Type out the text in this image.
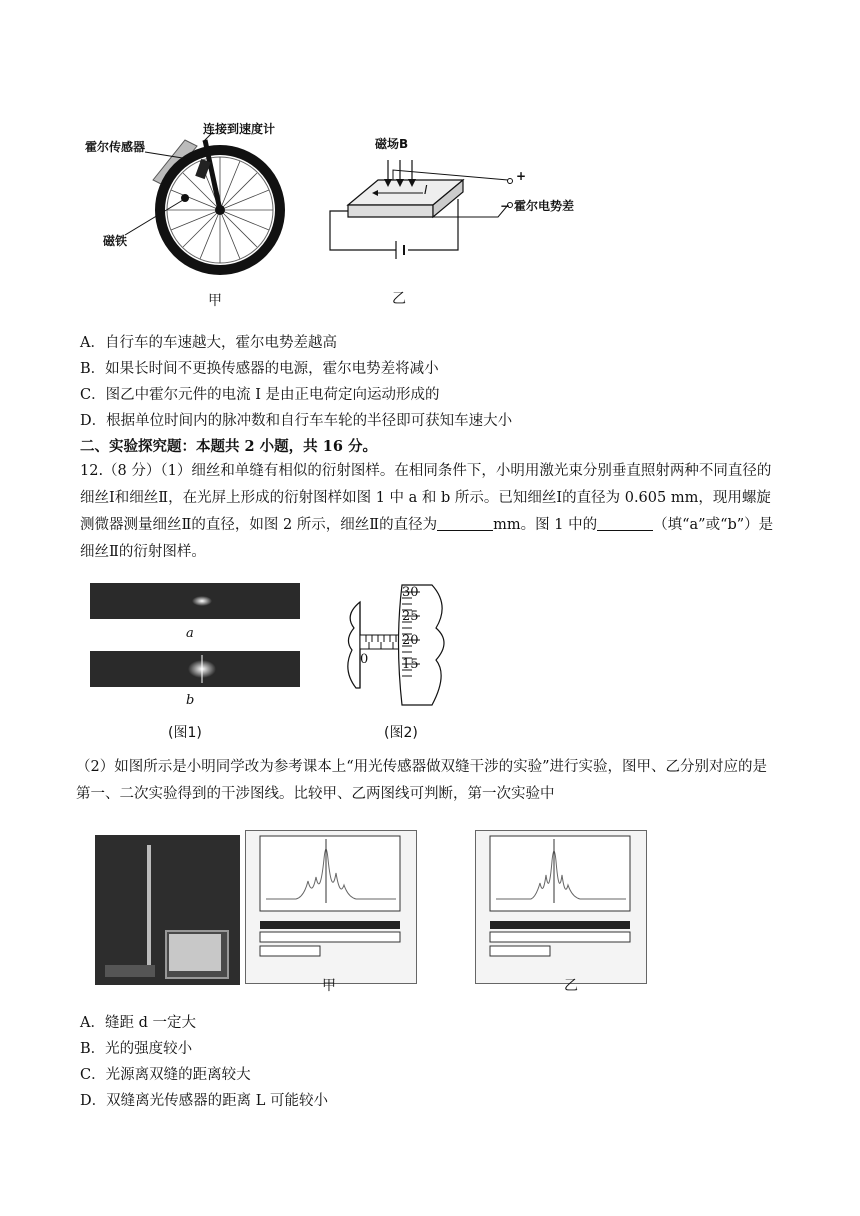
霍尔传感器
连接到速度计
磁铁
甲
磁场B
I
+
− 霍尔电势差
乙
A．自行车的车速越大，霍尔电势差越高
B．如果长时间不更换传感器的电源，霍尔电势差将减小
C．图乙中霍尔元件的电流 I 是由正电荷定向运动形成的
D．根据单位时间内的脉冲数和自行车车轮的半径即可获知车速大小
二、实验探究题：本题共 2 小题，共 16 分。
12.（8 分）（1）细丝和单缝有相似的衍射图样。在相同条件下，小明用激光束分别垂直照射两种不同直径的细丝Ⅰ和细丝Ⅱ，在光屏上形成的衍射图样如图 1 中 a 和 b 所示。已知细丝Ⅰ的直径为 0.605 mm，现用螺旋测微器测量细丝Ⅱ的直径，如图 2 所示，细丝Ⅱ的直径为	mm。图 1 中的	（填“a”或“b”）是细丝Ⅱ的衍射图样。
a
b
(图1)
30
25
20
15
0
(图2)
（2）如图所示是小明同学改为参考课本上“用光传感器做双缝干涉的实验”进行实验，图甲、乙分别对应的是第一、二次实验得到的干涉图线。比较甲、乙两图线可判断，第一次实验中
甲	乙
A．缝距 d 一定大
B．光的强度较小
C．光源离双缝的距离较大
D．双缝离光传感器的距离 L 可能较小
